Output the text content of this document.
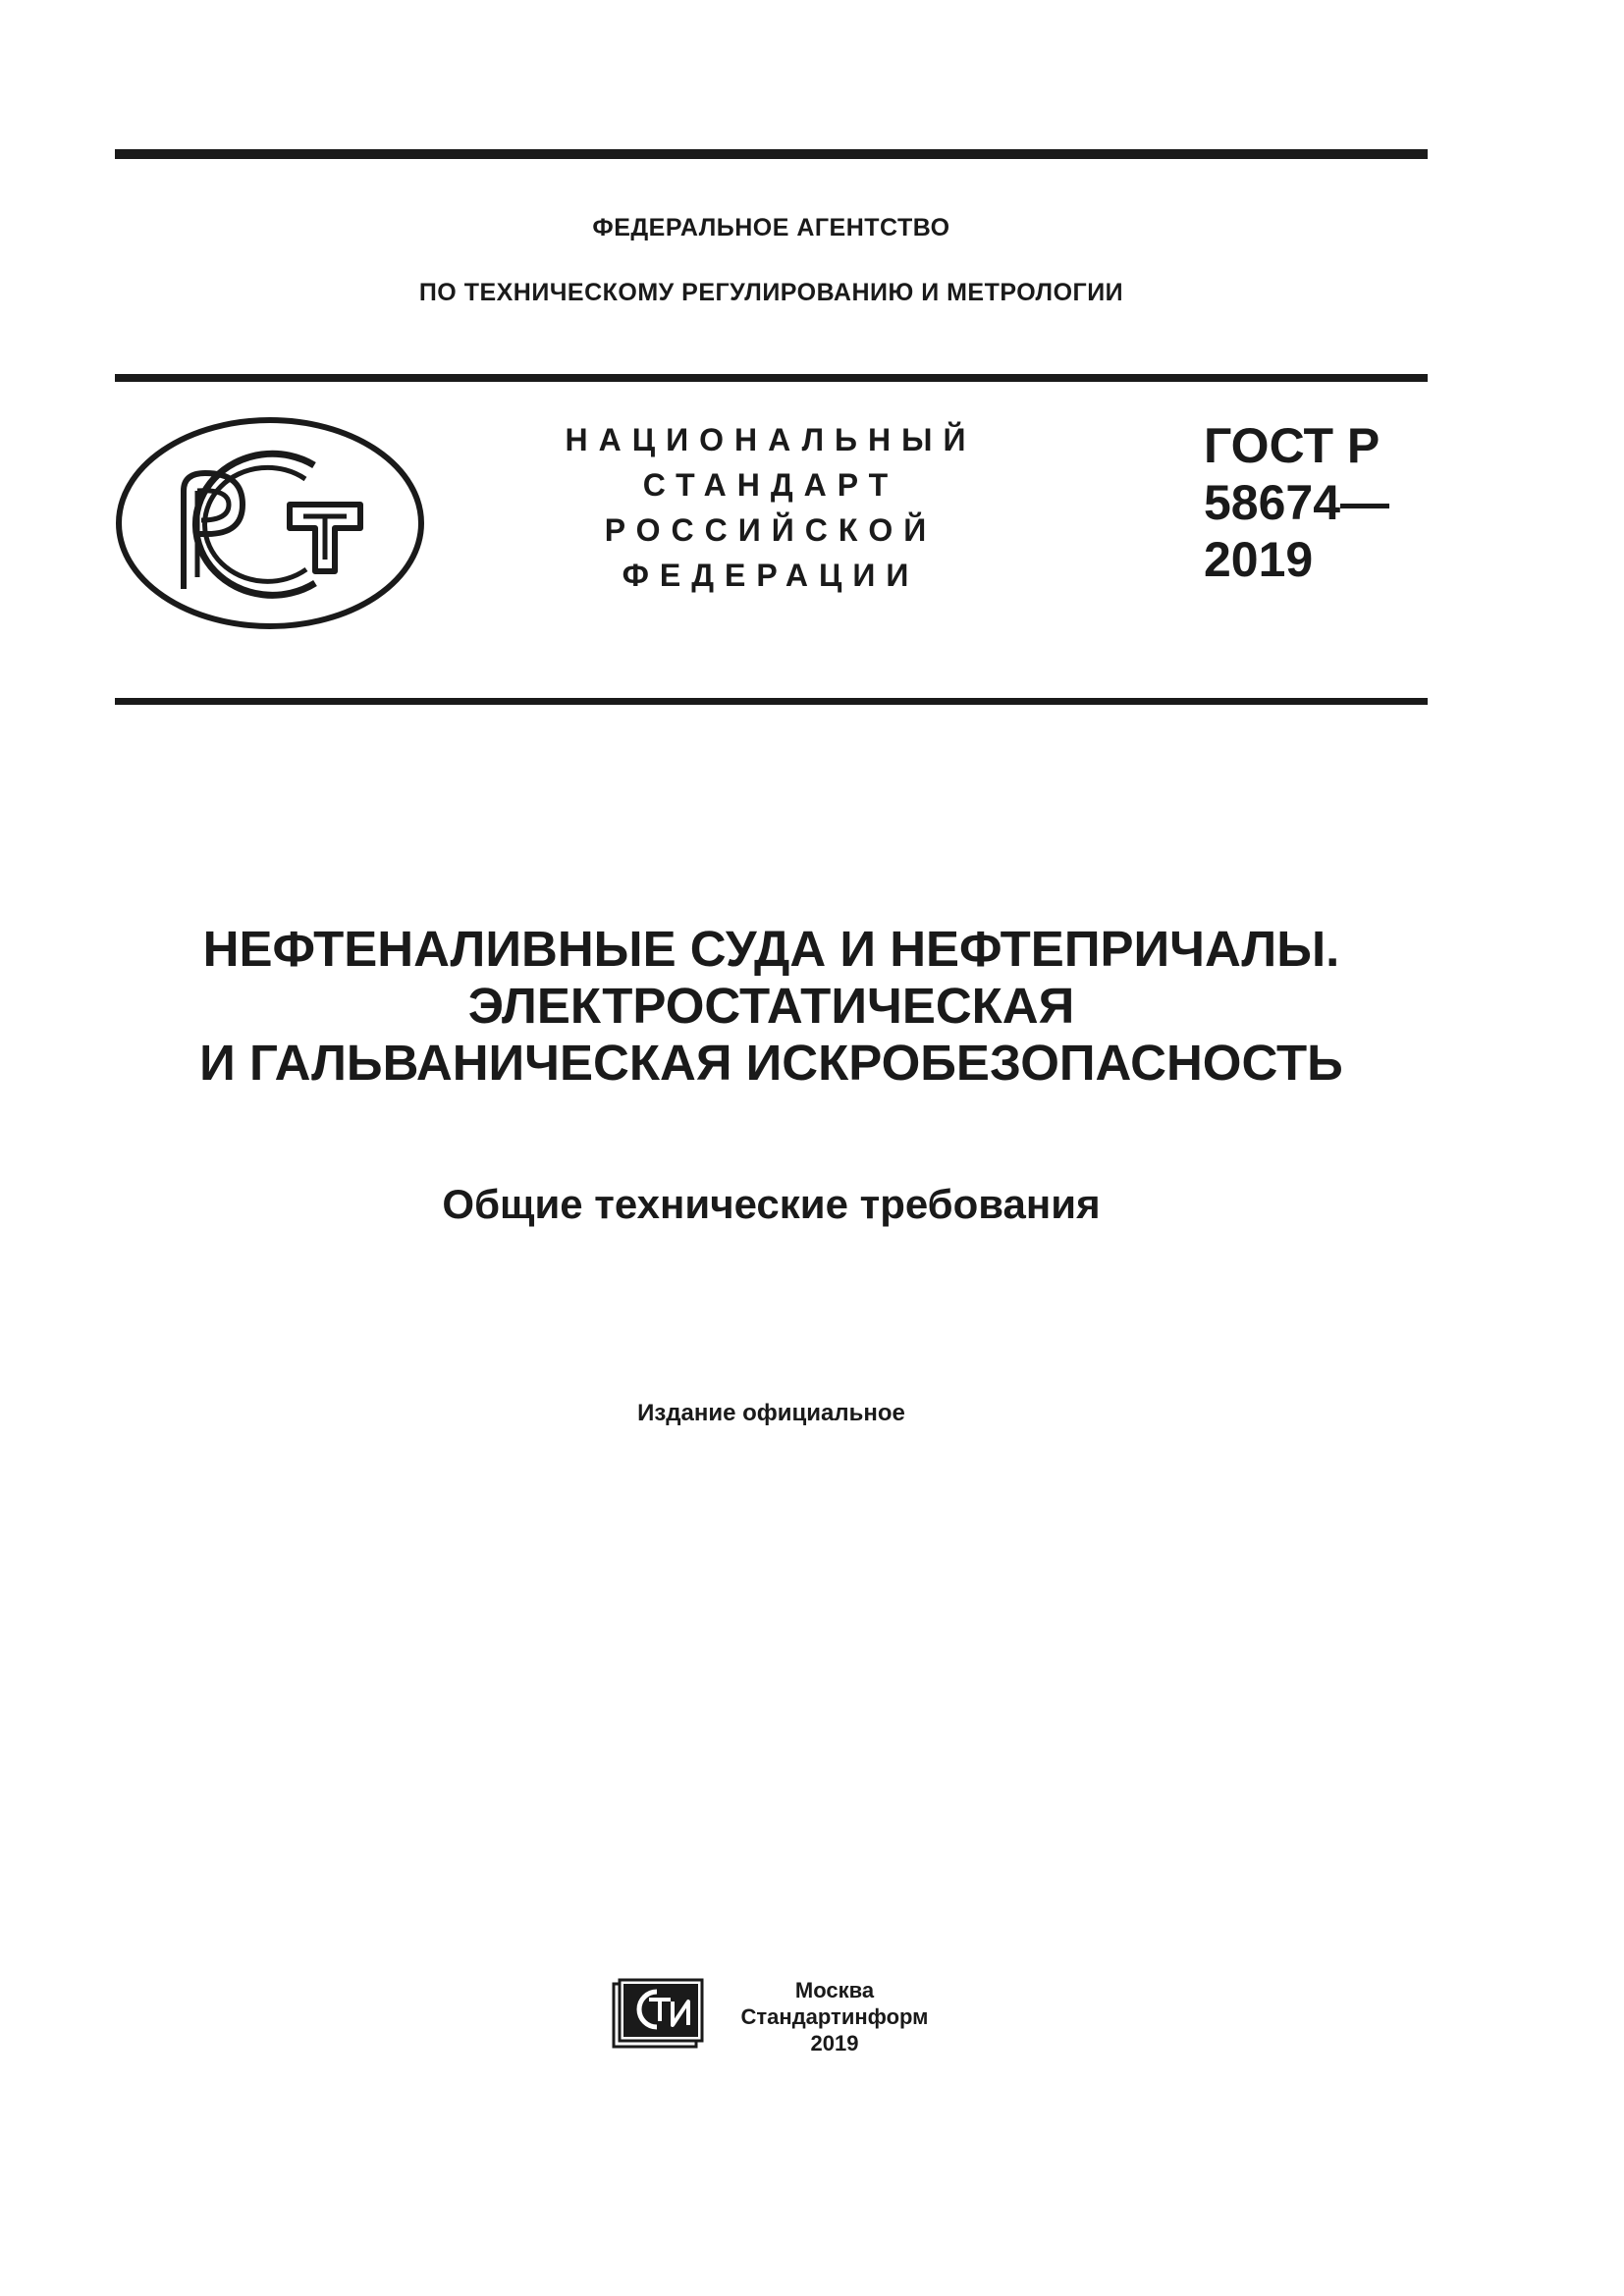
ФЕДЕРАЛЬНОЕ АГЕНТСТВО
ПО ТЕХНИЧЕСКОМУ РЕГУЛИРОВАНИЮ И МЕТРОЛОГИИ
НАЦИОНАЛЬНЫЙ
СТАНДАРТ
РОССИЙСКОЙ
ФЕДЕРАЦИИ
ГОСТ Р
58674—
2019
НЕФТЕНАЛИВНЫЕ СУДА И НЕФТЕПРИЧАЛЫ.
ЭЛЕКТРОСТАТИЧЕСКАЯ
И ГАЛЬВАНИЧЕСКАЯ ИСКРОБЕЗОПАСНОСТЬ
Общие технические требования
Издание официальное
Москва
Стандартинформ
2019
